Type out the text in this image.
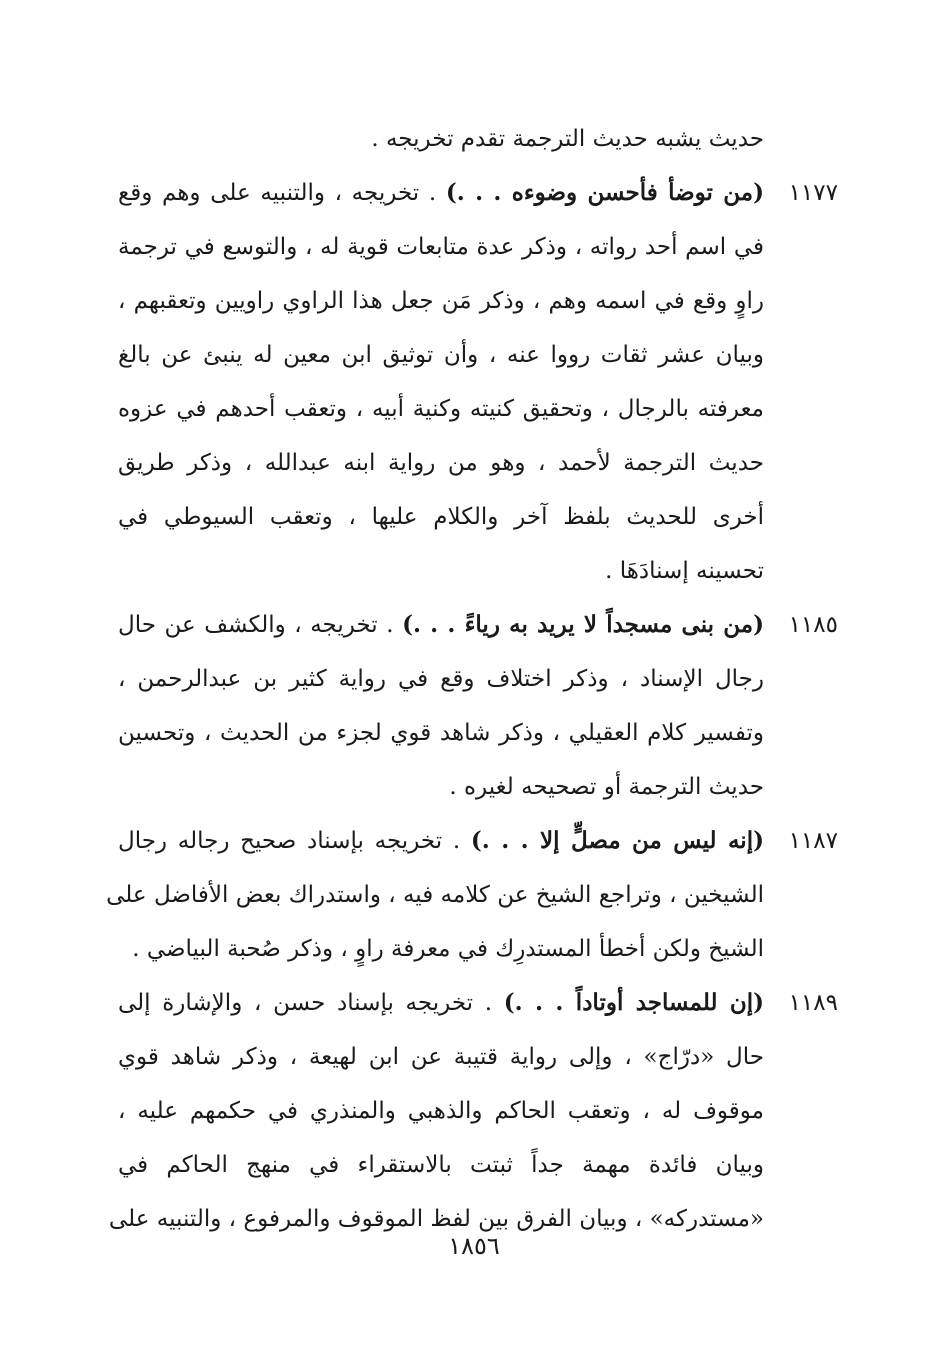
حديث يشبه حديث الترجمة تقدم تخريجه .
١١٧٧
(من توضأ فأحسن وضوءه . . .) . تخريجه ، والتنبيه على وهم وقع
في اسم أحد رواته ، وذكر عدة متابعات قوية له ، والتوسع في ترجمة
راوٍ وقع في اسمه وهم ، وذكر مَن جعل هذا الراوي راويين وتعقبهم ،
وبيان عشر ثقات رووا عنه ، وأن توثيق ابن معين له ينبئ عن بالغ
معرفته بالرجال ، وتحقيق كنيته وكنية أبيه ، وتعقب أحدهم في عزوه
حديث الترجمة لأحمد ، وهو من رواية ابنه عبدالله ، وذكر طريق
أخرى للحديث بلفظ آخر والكلام عليها ، وتعقب السيوطي في
تحسينه إسنادَهَا .
١١٨٥
(من بنى مسجداً لا يريد به رياءً . . .) . تخريجه ، والكشف عن حال
رجال الإسناد ، وذكر اختلاف وقع في رواية كثير بن عبدالرحمن ،
وتفسير كلام العقيلي ، وذكر شاهد قوي لجزء من الحديث ، وتحسين
حديث الترجمة أو تصحيحه لغيره .
١١٨٧
(إنه ليس من مصلٍّ إلا . . .) . تخريجه بإسناد صحيح رجاله رجال
الشيخين ، وتراجع الشيخ عن كلامه فيه ، واستدراك بعض الأفاضل على
الشيخ ولكن أخطأ المستدرِك في معرفة راوٍ ، وذكر صُحبة البياضي .
١١٨٩
(إن للمساجد أوتاداً . . .) . تخريجه بإسناد حسن ، والإشارة إلى
حال «درّاج» ، وإلى رواية قتيبة عن ابن لهيعة ، وذكر شاهد قوي
موقوف له ، وتعقب الحاكم والذهبي والمنذري في حكمهم عليه ،
وبيان فائدة مهمة جداً ثبتت بالاستقراء في منهج الحاكم في
«مستدركه» ، وبيان الفرق بين لفظ الموقوف والمرفوع ، والتنبيه على
١٨٥٦
